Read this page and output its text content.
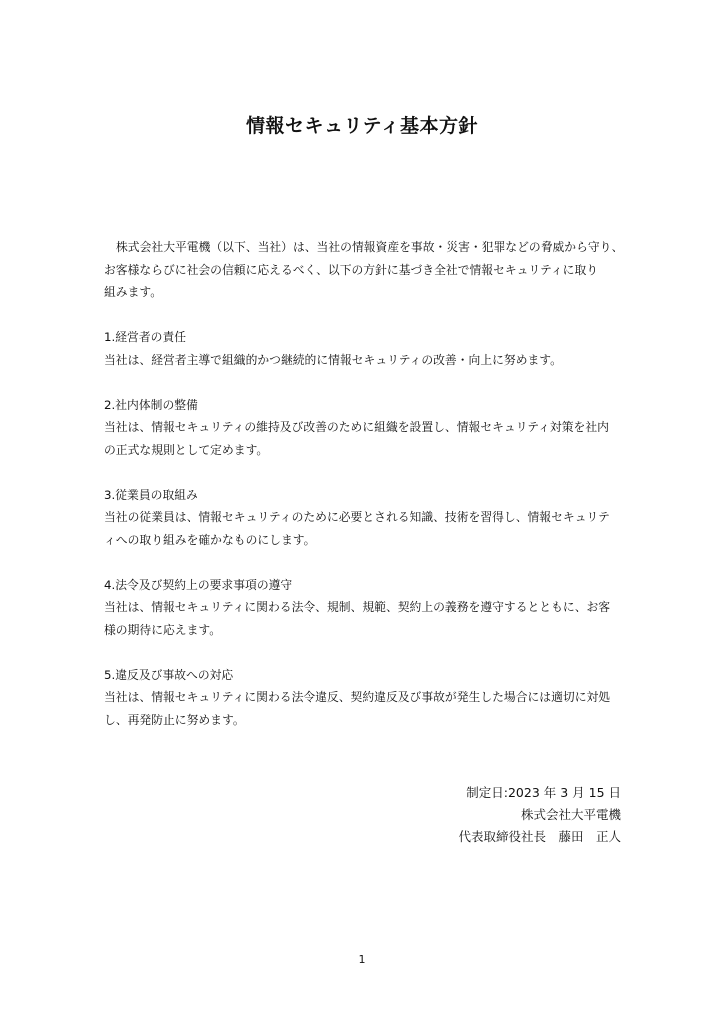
情報セキュリティ基本方針
株式会社大平電機（以下、当社）は、当社の情報資産を事故・災害・犯罪などの脅威から守り、
お客様ならびに社会の信頼に応えるべく、以下の方針に基づき全社で情報セキュリティに取り
組みます。
1.経営者の責任
当社は、経営者主導で組織的かつ継続的に情報セキュリティの改善・向上に努めます。
2.社内体制の整備
当社は、情報セキュリティの維持及び改善のために組織を設置し、情報セキュリティ対策を社内
の正式な規則として定めます。
3.従業員の取組み
当社の従業員は、情報セキュリティのために必要とされる知識、技術を習得し、情報セキュリテ
ィへの取り組みを確かなものにします。
4.法令及び契約上の要求事項の遵守
当社は、情報セキュリティに関わる法令、規制、規範、契約上の義務を遵守するとともに、お客
様の期待に応えます。
5.違反及び事故への対応
当社は、情報セキュリティに関わる法令違反、契約違反及び事故が発生した場合には適切に対処
し、再発防止に努めます。
制定日:2023 年 3 月 15 日
株式会社大平電機
代表取締役社長　藤田　正人
1
